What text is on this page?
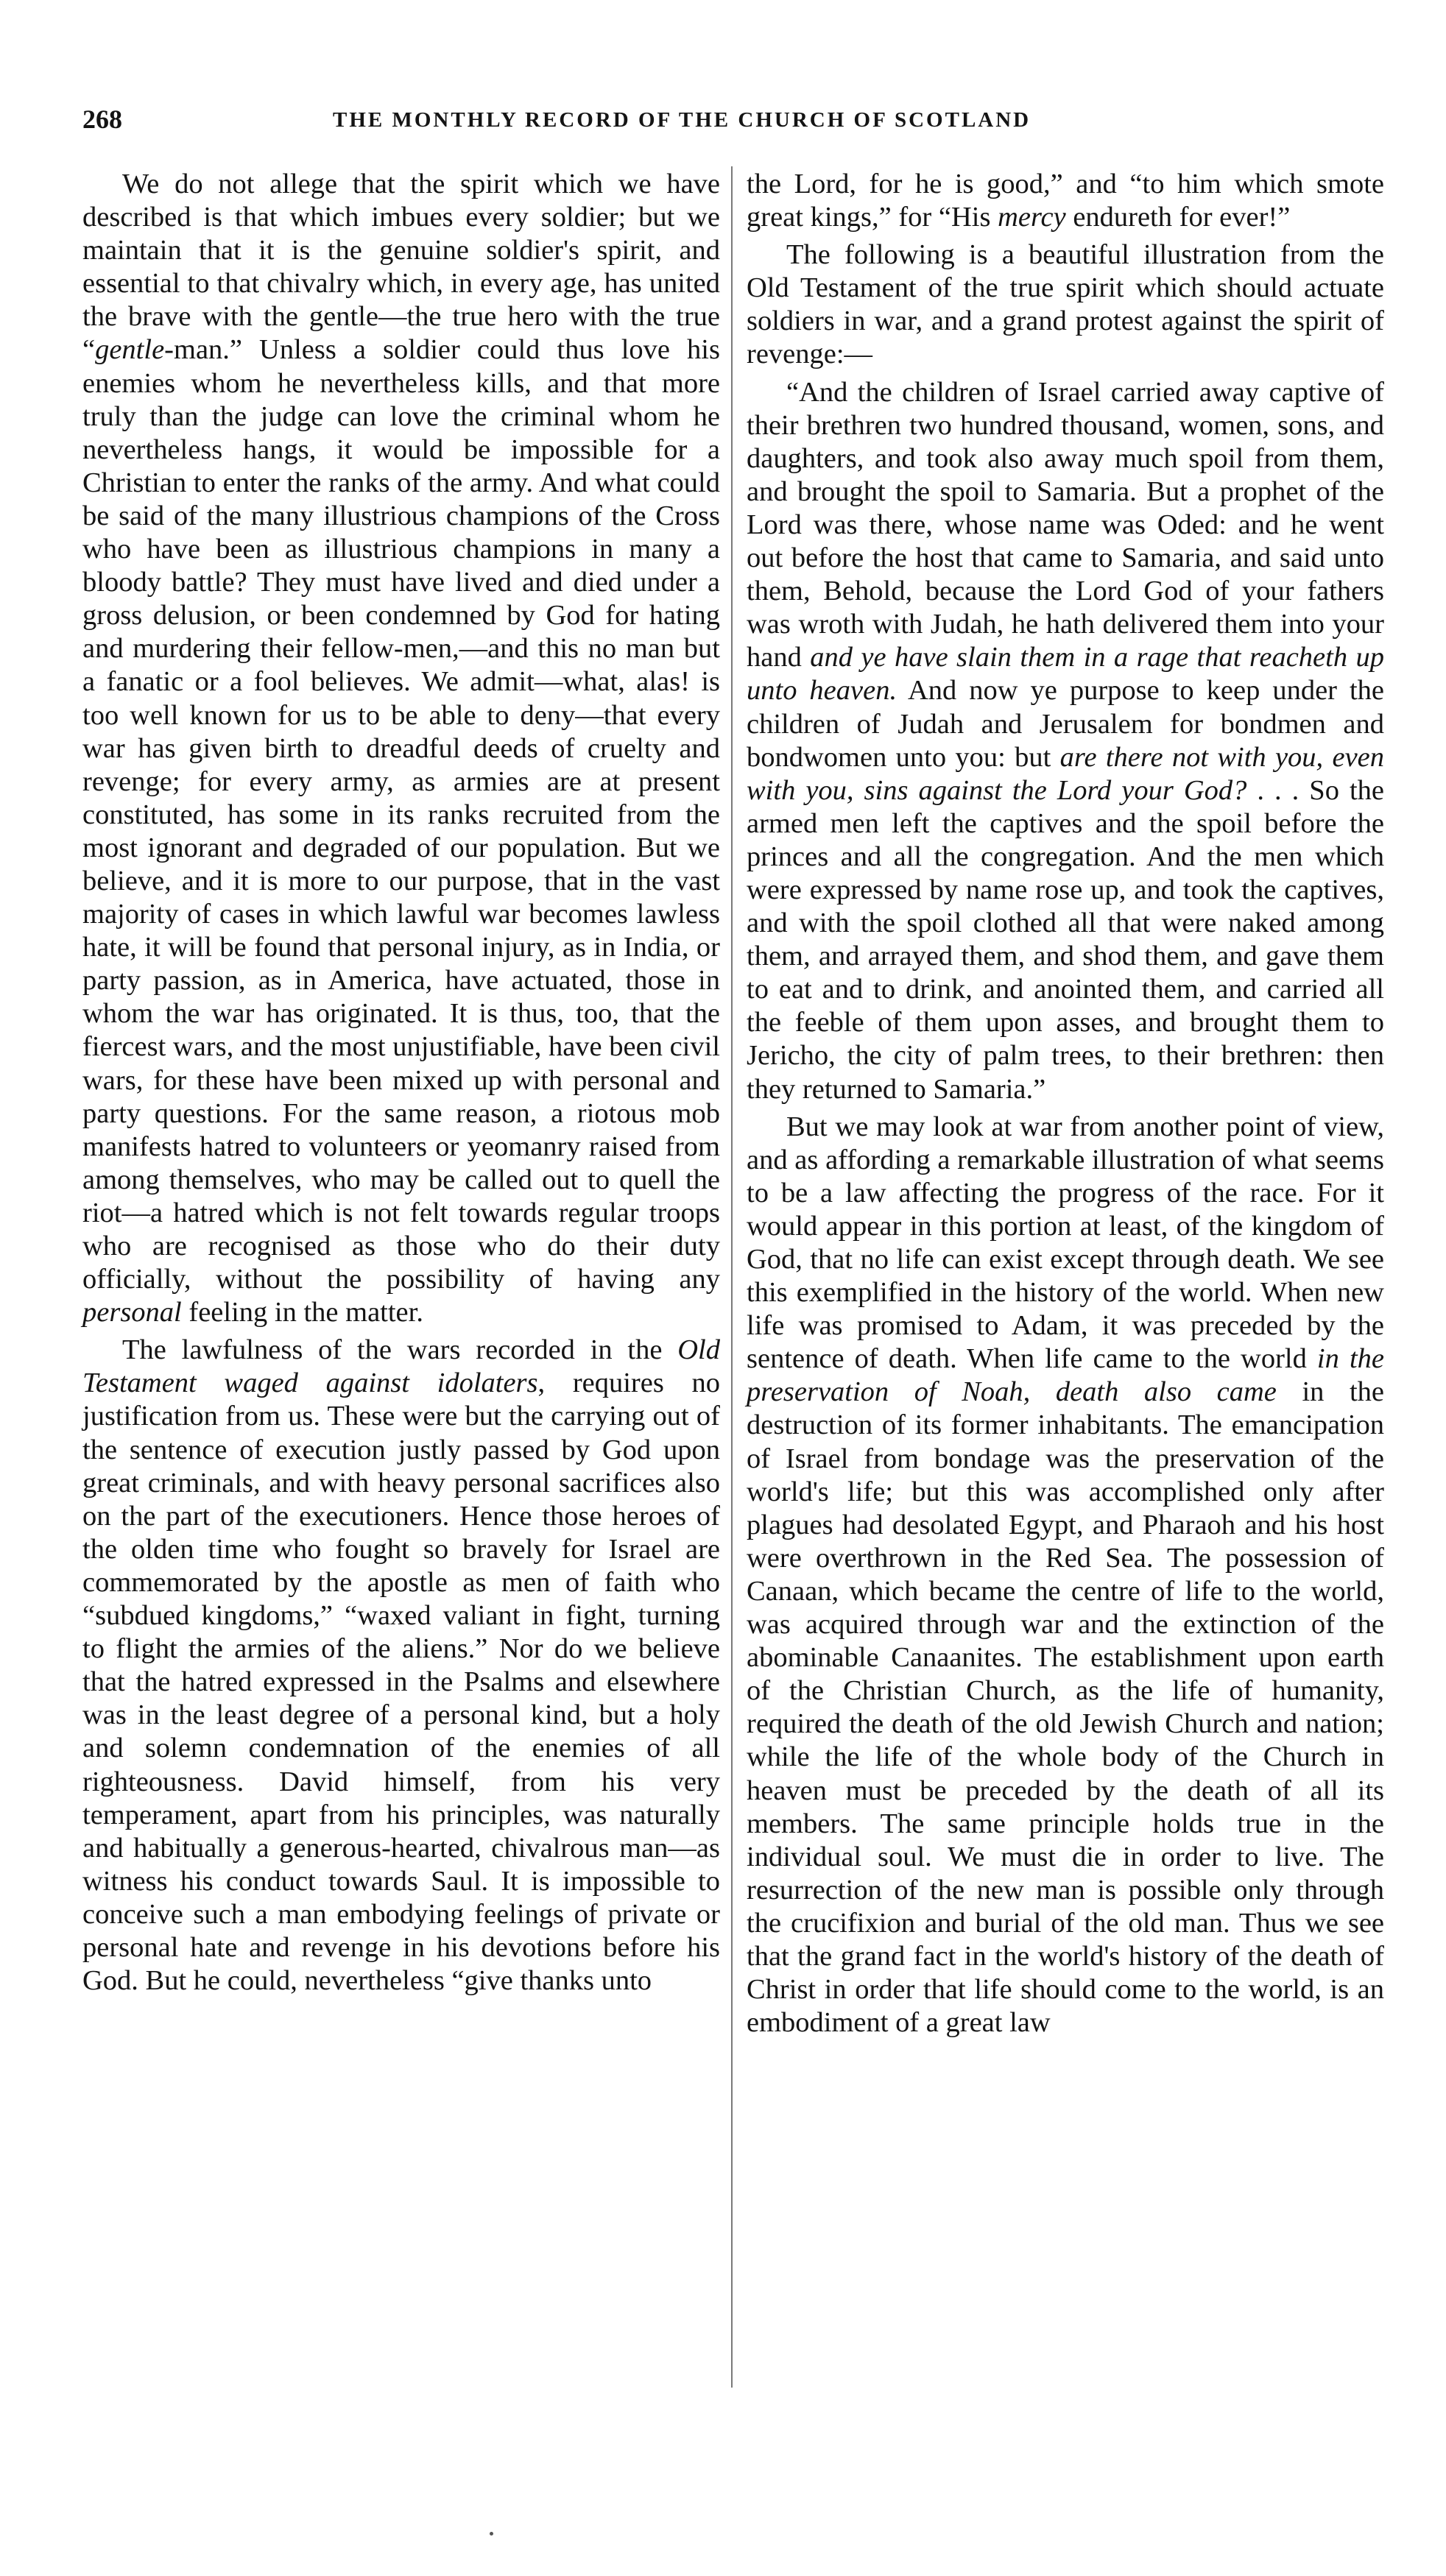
268	THE MONTHLY RECORD OF THE CHURCH OF SCOTLAND

We do not allege that the spirit which we have described is that which imbues every soldier; but we maintain that it is the genuine soldier's spirit, and essential to that chivalry which, in every age, has united the brave with the gentle—the true hero with the true “gentle-man.” Unless a soldier could thus love his enemies whom he nevertheless kills, and that more truly than the judge can love the criminal whom he nevertheless hangs, it would be impossible for a Christian to enter the ranks of the army. And what could be said of the many illustrious champions of the Cross who have been as illustrious champions in many a bloody battle? They must have lived and died under a gross delusion, or been condemned by God for hating and murdering their fellow-men,—and this no man but a fanatic or a fool believes. We admit—what, alas! is too well known for us to be able to deny—that every war has given birth to dreadful deeds of cruelty and revenge; for every army, as armies are at present constituted, has some in its ranks recruited from the most ignorant and degraded of our population. But we believe, and it is more to our purpose, that in the vast majority of cases in which lawful war becomes lawless hate, it will be found that personal injury, as in India, or party passion, as in America, have actuated, those in whom the war has originated. It is thus, too, that the fiercest wars, and the most unjustifiable, have been civil wars, for these have been mixed up with personal and party questions. For the same reason, a riotous mob manifests hatred to volunteers or yeomanry raised from among themselves, who may be called out to quell the riot—a hatred which is not felt towards regular troops who are recognised as those who do their duty officially, without the possibility of having any personal feeling in the matter.

The lawfulness of the wars recorded in the Old Testament waged against idolaters, requires no justification from us. These were but the carrying out of the sentence of execution justly passed by God upon great criminals, and with heavy personal sacrifices also on the part of the executioners. Hence those heroes of the olden time who fought so bravely for Israel are commemorated by the apostle as men of faith who “subdued kingdoms,” “waxed valiant in fight, turning to flight the armies of the aliens.” Nor do we believe that the hatred expressed in the Psalms and elsewhere was in the least degree of a personal kind, but a holy and solemn condemnation of the enemies of all righteousness. David himself, from his very temperament, apart from his principles, was naturally and habitually a generous-hearted, chivalrous man—as witness his conduct towards Saul. It is impossible to conceive such a man embodying feelings of private or personal hate and revenge in his devotions before his God. But he could, nevertheless “give thanks unto

the Lord, for he is good,” and “to him which smote great kings,” for “His mercy endureth for ever!”

The following is a beautiful illustration from the Old Testament of the true spirit which should actuate soldiers in war, and a grand protest against the spirit of revenge:—

“And the children of Israel carried away captive of their brethren two hundred thousand, women, sons, and daughters, and took also away much spoil from them, and brought the spoil to Samaria. But a prophet of the Lord was there, whose name was Oded: and he went out before the host that came to Samaria, and said unto them, Behold, because the Lord God of your fathers was wroth with Judah, he hath delivered them into your hand and ye have slain them in a rage that reacheth up unto heaven. And now ye purpose to keep under the children of Judah and Jerusalem for bondmen and bondwomen unto you: but are there not with you, even with you, sins against the Lord your God? . . . So the armed men left the captives and the spoil before the princes and all the congregation. And the men which were expressed by name rose up, and took the captives, and with the spoil clothed all that were naked among them, and arrayed them, and shod them, and gave them to eat and to drink, and anointed them, and carried all the feeble of them upon asses, and brought them to Jericho, the city of palm trees, to their brethren: then they returned to Samaria.”

But we may look at war from another point of view, and as affording a remarkable illustration of what seems to be a law affecting the progress of the race. For it would appear in this portion at least, of the kingdom of God, that no life can exist except through death. We see this exemplified in the history of the world. When new life was promised to Adam, it was preceded by the sentence of death. When life came to the world in the preservation of Noah, death also came in the destruction of its former inhabitants. The emancipation of Israel from bondage was the preservation of the world's life; but this was accomplished only after plagues had desolated Egypt, and Pharaoh and his host were overthrown in the Red Sea. The possession of Canaan, which became the centre of life to the world, was acquired through war and the extinction of the abominable Canaanites. The establishment upon earth of the Christian Church, as the life of humanity, required the death of the old Jewish Church and nation; while the life of the whole body of the Church in heaven must be preceded by the death of all its members. The same principle holds true in the individual soul. We must die in order to live. The resurrection of the new man is possible only through the crucifixion and burial of the old man. Thus we see that the grand fact in the world's history of the death of Christ in order that life should come to the world, is an embodiment of a great law
